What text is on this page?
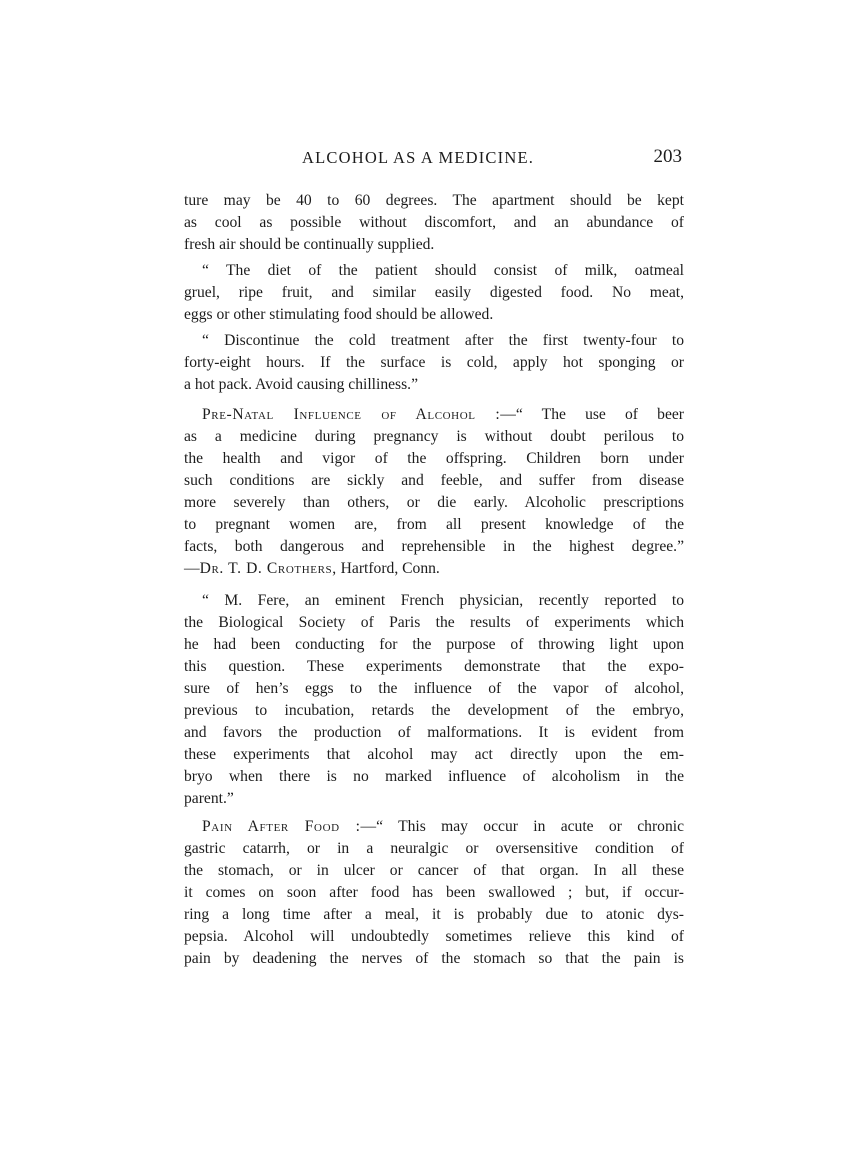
ALCOHOL AS A MEDICINE.	203
ture may be 40 to 60 degrees. The apartment should be kept
as cool as possible without discomfort, and an abundance of
fresh air should be continually supplied.
“ The diet of the patient should consist of milk, oatmeal
gruel, ripe fruit, and similar easily digested food. No meat,
eggs or other stimulating food should be allowed.
“ Discontinue the cold treatment after the first twenty-four to
forty-eight hours. If the surface is cold, apply hot sponging or
a hot pack. Avoid causing chilliness.”
Pre-Natal Influence of Alcohol :—“ The use of beer
as a medicine during pregnancy is without doubt perilous to
the health and vigor of the offspring. Children born under
such conditions are sickly and feeble, and suffer from disease
more severely than others, or die early. Alcoholic prescriptions
to pregnant women are, from all present knowledge of the
facts, both dangerous and reprehensible in the highest degree.”
—Dr. T. D. Crothers, Hartford, Conn.
“ M. Fere, an eminent French physician, recently reported to
the Biological Society of Paris the results of experiments which
he had been conducting for the purpose of throwing light upon
this question. These experiments demonstrate that the expo-
sure of hen’s eggs to the influence of the vapor of alcohol,
previous to incubation, retards the development of the embryo,
and favors the production of malformations. It is evident from
these experiments that alcohol may act directly upon the em-
bryo when there is no marked influence of alcoholism in the
parent.”
Pain After Food :—“ This may occur in acute or chronic
gastric catarrh, or in a neuralgic or oversensitive condition of
the stomach, or in ulcer or cancer of that organ. In all these
it comes on soon after food has been swallowed ; but, if occur-
ring a long time after a meal, it is probably due to atonic dys-
pepsia. Alcohol will undoubtedly sometimes relieve this kind of
pain by deadening the nerves of the stomach so that the pain is
